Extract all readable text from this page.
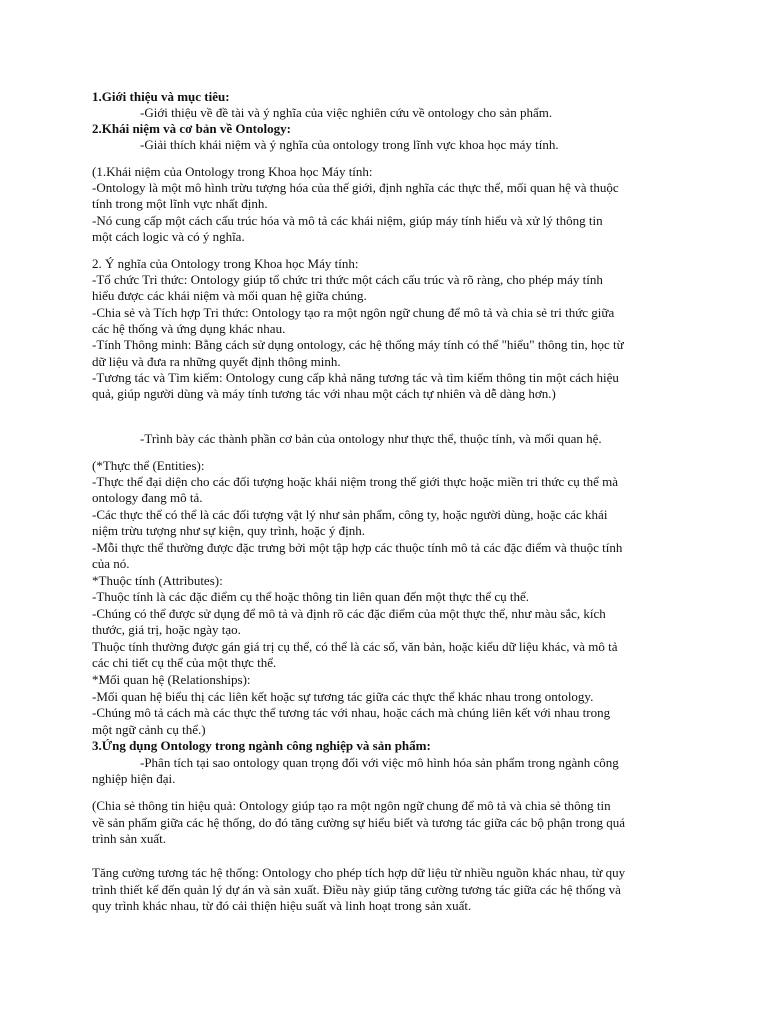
1.Giới thiệu và mục tiêu:
-Giới thiệu về đề tài và ý nghĩa của việc nghiên cứu về ontology cho sản phẩm.
2.Khái niệm và cơ bản về Ontology:
-Giải thích khái niệm và ý nghĩa của ontology trong lĩnh vực khoa học máy tính.
(1.Khái niệm của Ontology trong Khoa học Máy tính:
-Ontology là một mô hình trừu tượng hóa của thế giới, định nghĩa các thực thể, mối quan hệ và thuộc
tính trong một lĩnh vực nhất định.
-Nó cung cấp một cách cấu trúc hóa và mô tả các khái niệm, giúp máy tính hiểu và xử lý thông tin
một cách logic và có ý nghĩa.
2. Ý nghĩa của Ontology trong Khoa học Máy tính:
-Tổ chức Tri thức: Ontology giúp tổ chức tri thức một cách cấu trúc và rõ ràng, cho phép máy tính
hiểu được các khái niệm và mối quan hệ giữa chúng.
-Chia sẻ và Tích hợp Tri thức: Ontology tạo ra một ngôn ngữ chung để mô tả và chia sẻ tri thức giữa
các hệ thống và ứng dụng khác nhau.
-Tính Thông minh: Bằng cách sử dụng ontology, các hệ thống máy tính có thể "hiểu" thông tin, học từ
dữ liệu và đưa ra những quyết định thông minh.
-Tương tác và Tìm kiếm: Ontology cung cấp khả năng tương tác và tìm kiếm thông tin một cách hiệu
quả, giúp người dùng và máy tính tương tác với nhau một cách tự nhiên và dễ dàng hơn.)
-Trình bày các thành phần cơ bản của ontology như thực thể, thuộc tính, và mối quan hệ.
(*Thực thể (Entities):
-Thực thể đại diện cho các đối tượng hoặc khái niệm trong thế giới thực hoặc miền tri thức cụ thể mà
ontology đang mô tả.
-Các thực thể có thể là các đối tượng vật lý như sản phẩm, công ty, hoặc người dùng, hoặc các khái
niệm trừu tượng như sự kiện, quy trình, hoặc ý định.
-Mỗi thực thể thường được đặc trưng bởi một tập hợp các thuộc tính mô tả các đặc điểm và thuộc tính
của nó.
*Thuộc tính (Attributes):
-Thuộc tính là các đặc điểm cụ thể hoặc thông tin liên quan đến một thực thể cụ thể.
-Chúng có thể được sử dụng để mô tả và định rõ các đặc điểm của một thực thể, như màu sắc, kích
thước, giá trị, hoặc ngày tạo.
Thuộc tính thường được gán giá trị cụ thể, có thể là các số, văn bản, hoặc kiểu dữ liệu khác, và mô tả
các chi tiết cụ thể của một thực thể.
*Mối quan hệ (Relationships):
-Mối quan hệ biểu thị các liên kết hoặc sự tương tác giữa các thực thể khác nhau trong ontology.
-Chúng mô tả cách mà các thực thể tương tác với nhau, hoặc cách mà chúng liên kết với nhau trong
một ngữ cảnh cụ thể.)
3.Ứng dụng Ontology trong ngành công nghiệp và sản phẩm:
-Phân tích tại sao ontology quan trọng đối với việc mô hình hóa sản phẩm trong ngành công
nghiệp hiện đại.
(Chia sẻ thông tin hiệu quả: Ontology giúp tạo ra một ngôn ngữ chung để mô tả và chia sẻ thông tin
về sản phẩm giữa các hệ thống, do đó tăng cường sự hiểu biết và tương tác giữa các bộ phận trong quá
trình sản xuất.
Tăng cường tương tác hệ thống: Ontology cho phép tích hợp dữ liệu từ nhiều nguồn khác nhau, từ quy
trình thiết kế đến quản lý dự án và sản xuất. Điều này giúp tăng cường tương tác giữa các hệ thống và
quy trình khác nhau, từ đó cải thiện hiệu suất và linh hoạt trong sản xuất.
